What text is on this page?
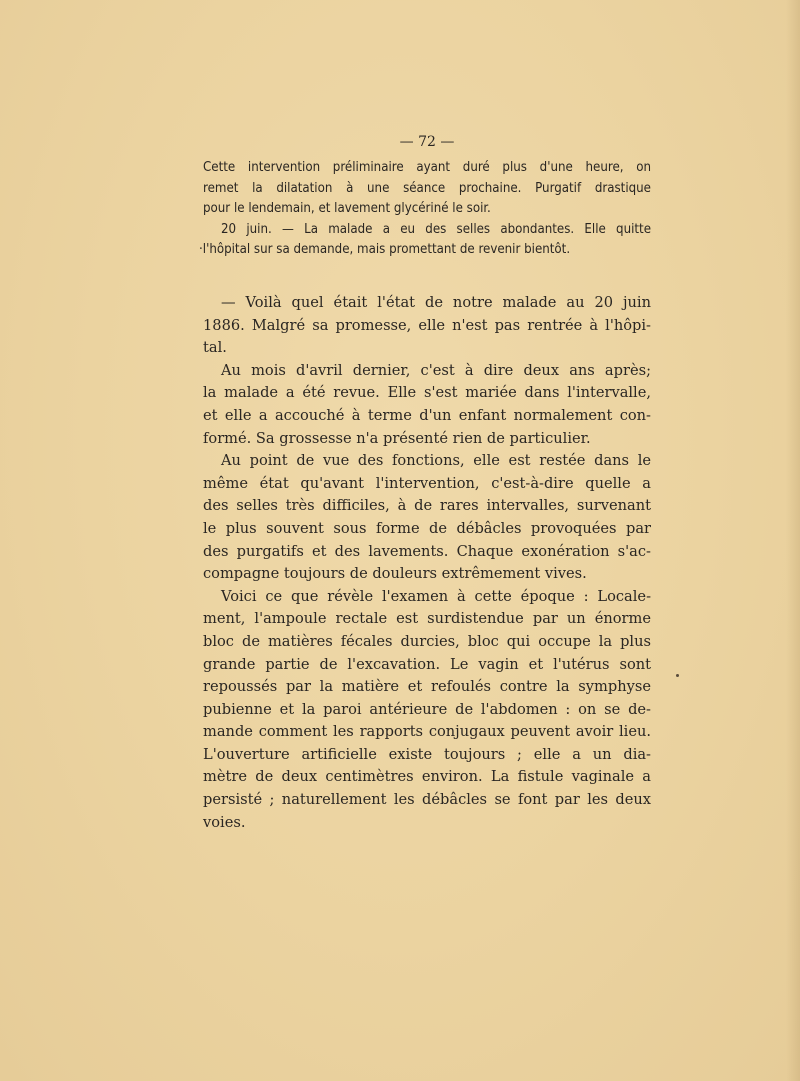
— 72 —
Cette intervention préliminaire ayant duré plus d'une heure, on
remet la dilatation à une séance prochaine. Purgatif drastique
pour le lendemain, et lavement glycériné le soir.
20 juin. — La malade a eu des selles abondantes. Elle quitte
·l'hôpital sur sa demande, mais promettant de revenir bientôt.
— Voilà quel était l'état de notre malade au 20 juin
1886. Malgré sa promesse, elle n'est pas rentrée à l'hôpi-
tal.
Au mois d'avril dernier, c'est à dire deux ans après;
la malade a été revue. Elle s'est mariée dans l'intervalle,
et elle a accouché à terme d'un enfant normalement con-
formé. Sa grossesse n'a présenté rien de particulier.
Au point de vue des fonctions, elle est restée dans le
même état qu'avant l'intervention, c'est-à-dire quelle a
des selles très difficiles, à de rares intervalles, survenant
le plus souvent sous forme de débâcles provoquées par
des purgatifs et des lavements. Chaque exonération s'ac-
compagne toujours de douleurs extrêmement vives.
Voici ce que révèle l'examen à cette époque : Locale-
ment, l'ampoule rectale est surdistendue par un énorme
bloc de matières fécales durcies, bloc qui occupe la plus
grande partie de l'excavation. Le vagin et l'utérus sont
repoussés par la matière et refoulés contre la symphyse
pubienne et la paroi antérieure de l'abdomen : on se de-
mande comment les rapports conjugaux peuvent avoir lieu.
L'ouverture artificielle existe toujours ; elle a un dia-
mètre de deux centimètres environ. La fistule vaginale a
persisté ; naturellement les débâcles se font par les deux
voies.
